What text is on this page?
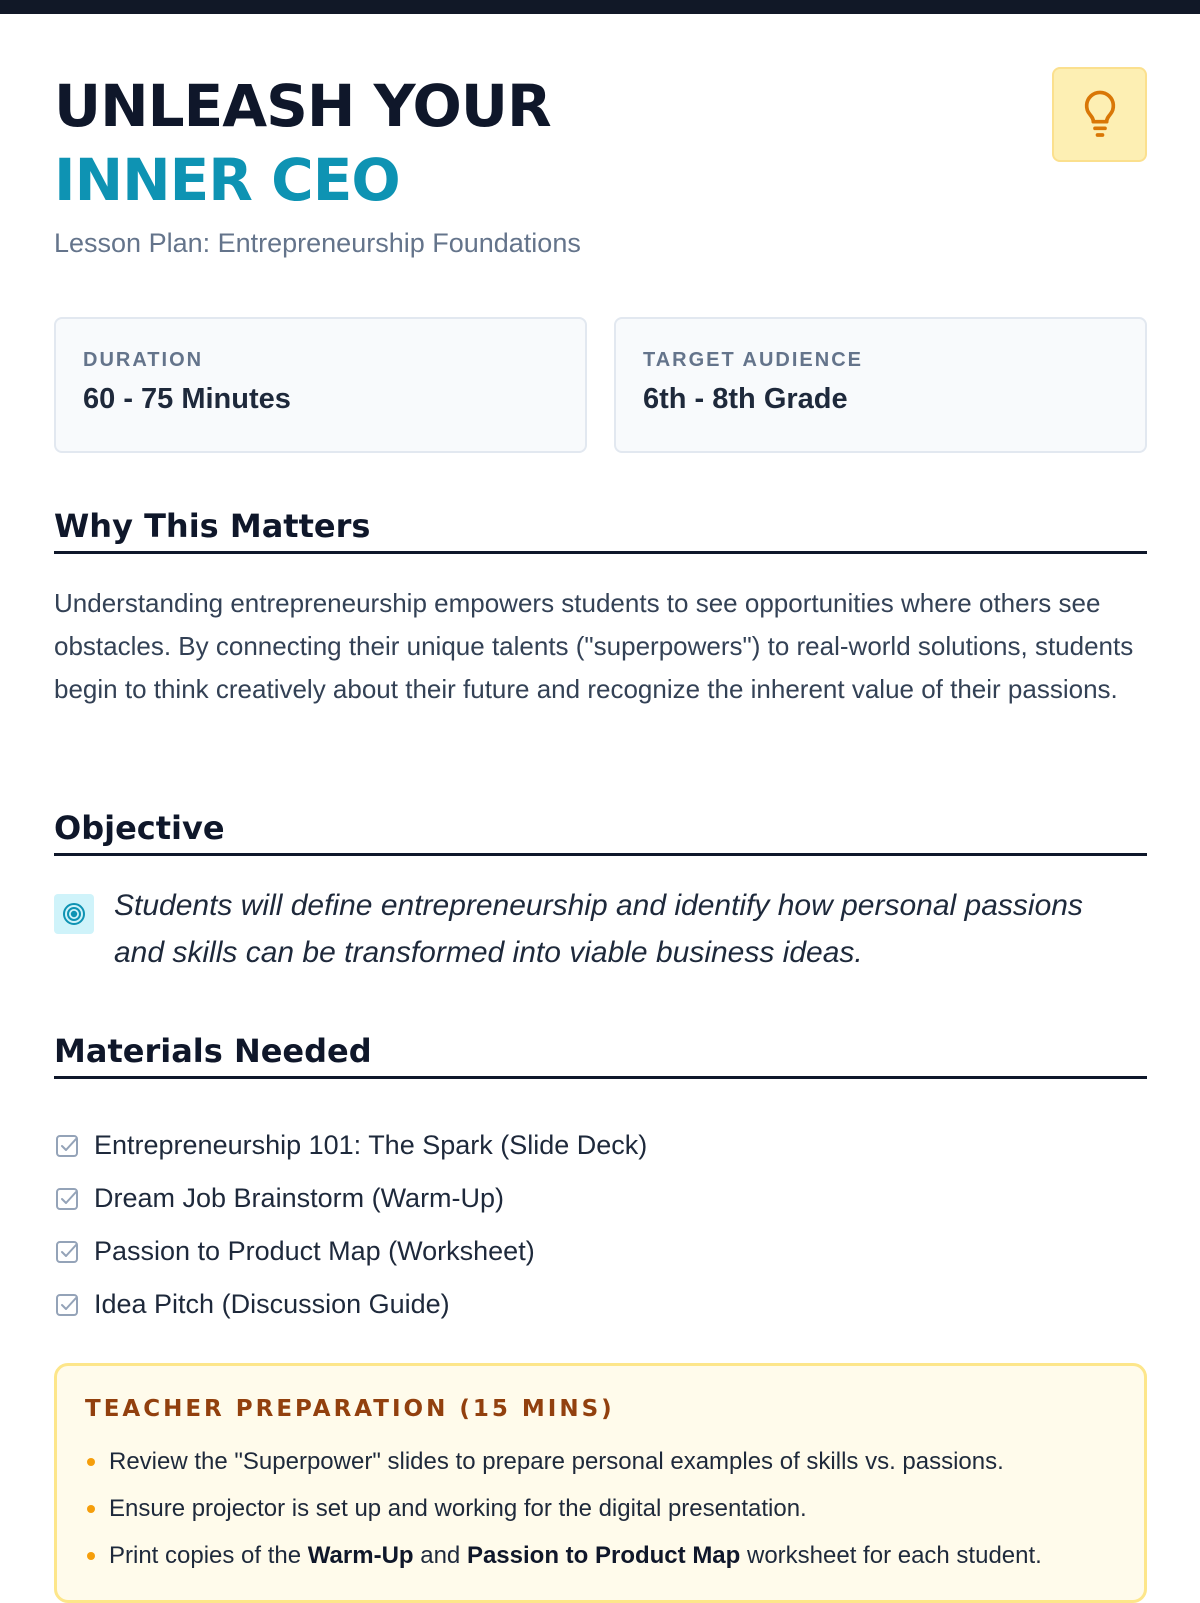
UNLEASH YOUR
INNER CEO
Lesson Plan: Entrepreneurship Foundations
DURATION
60 - 75 Minutes
TARGET AUDIENCE
6th - 8th Grade
Why This Matters
Understanding entrepreneurship empowers students to see opportunities where others see obstacles. By connecting their unique talents ("superpowers") to real-world solutions, students begin to think creatively about their future and recognize the inherent value of their passions.
Objective
Students will define entrepreneurship and identify how personal passions and skills can be transformed into viable business ideas.
Materials Needed
Entrepreneurship 101: The Spark (Slide Deck)
Dream Job Brainstorm (Warm-Up)
Passion to Product Map (Worksheet)
Idea Pitch (Discussion Guide)
TEACHER PREPARATION (15 MINS)
Review the "Superpower" slides to prepare personal examples of skills vs. passions.
Ensure projector is set up and working for the digital presentation.
Print copies of the Warm-Up and Passion to Product Map worksheet for each student.
